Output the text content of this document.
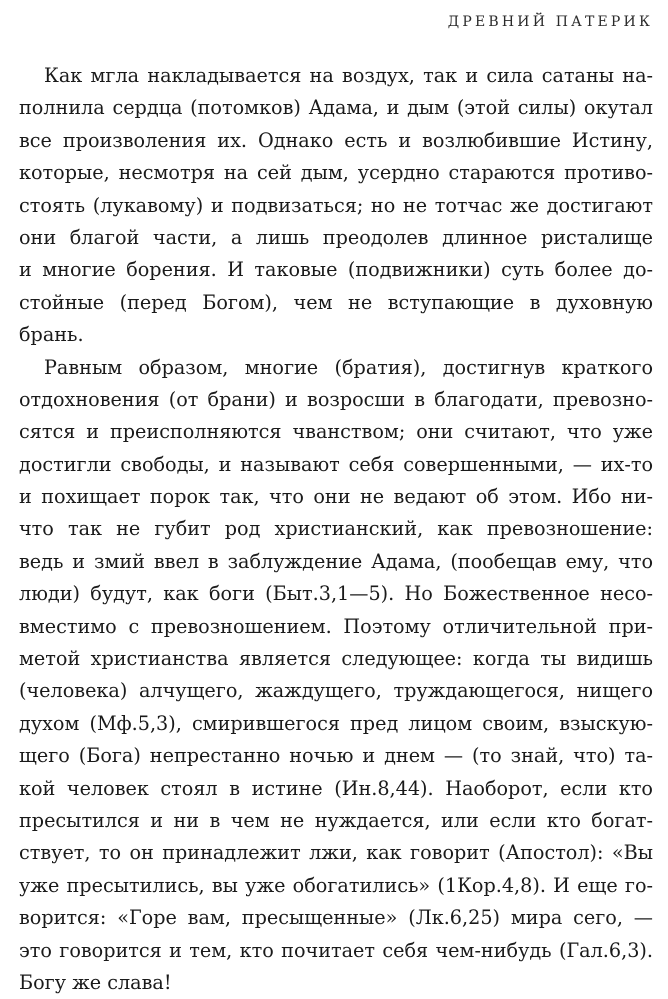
ДРЕВНИЙ ПАТЕРИК
Как мгла накладывается на воздух, так и сила сатаны на-
полнила сердца (потомков) Адама, и дым (этой силы) окутал
все произволения их. Однако есть и возлюбившие Истину,
которые, несмотря на сей дым, усердно стараются противо-
стоять (лукавому) и подвизаться; но не тотчас же достигают
они благой части, а лишь преодолев длинное ристалище
и многие борения. И таковые (подвижники) суть более до-
стойные (перед Богом), чем не вступающие в духовную
брань.
Равным образом, многие (братия), достигнув краткого
отдохновения (от брани) и возросши в благодати, превозно-
сятся и преисполняются чванством; они считают, что уже
достигли свободы, и называют себя совершенными, — их-то
и похищает порок так, что они не ведают об этом. Ибо ни-
что так не губит род христианский, как превозношение:
ведь и змий ввел в заблуждение Адама, (пообещав ему, что
люди) будут, как боги (Быт.3,1—5). Но Божественное несо-
вместимо с превозношением. Поэтому отличительной при-
метой христианства является следующее: когда ты видишь
(человека) алчущего, жаждущего, труждающегося, нищего
духом (Мф.5,3), смирившегося пред лицом своим, взыскую-
щего (Бога) непрестанно ночью и днем — (то знай, что) та-
кой человек стоял в истине (Ин.8,44). Наоборот, если кто
пресытился и ни в чем не нуждается, или если кто богат-
ствует, то он принадлежит лжи, как говорит (Апостол): «Вы
уже пресытились, вы уже обогатились» (1Кор.4,8). И еще го-
ворится: «Горе вам, пресыщенные» (Лк.6,25) мира сего, —
это говорится и тем, кто почитает себя чем-нибудь (Гал.6,3).
Богу же слава!
